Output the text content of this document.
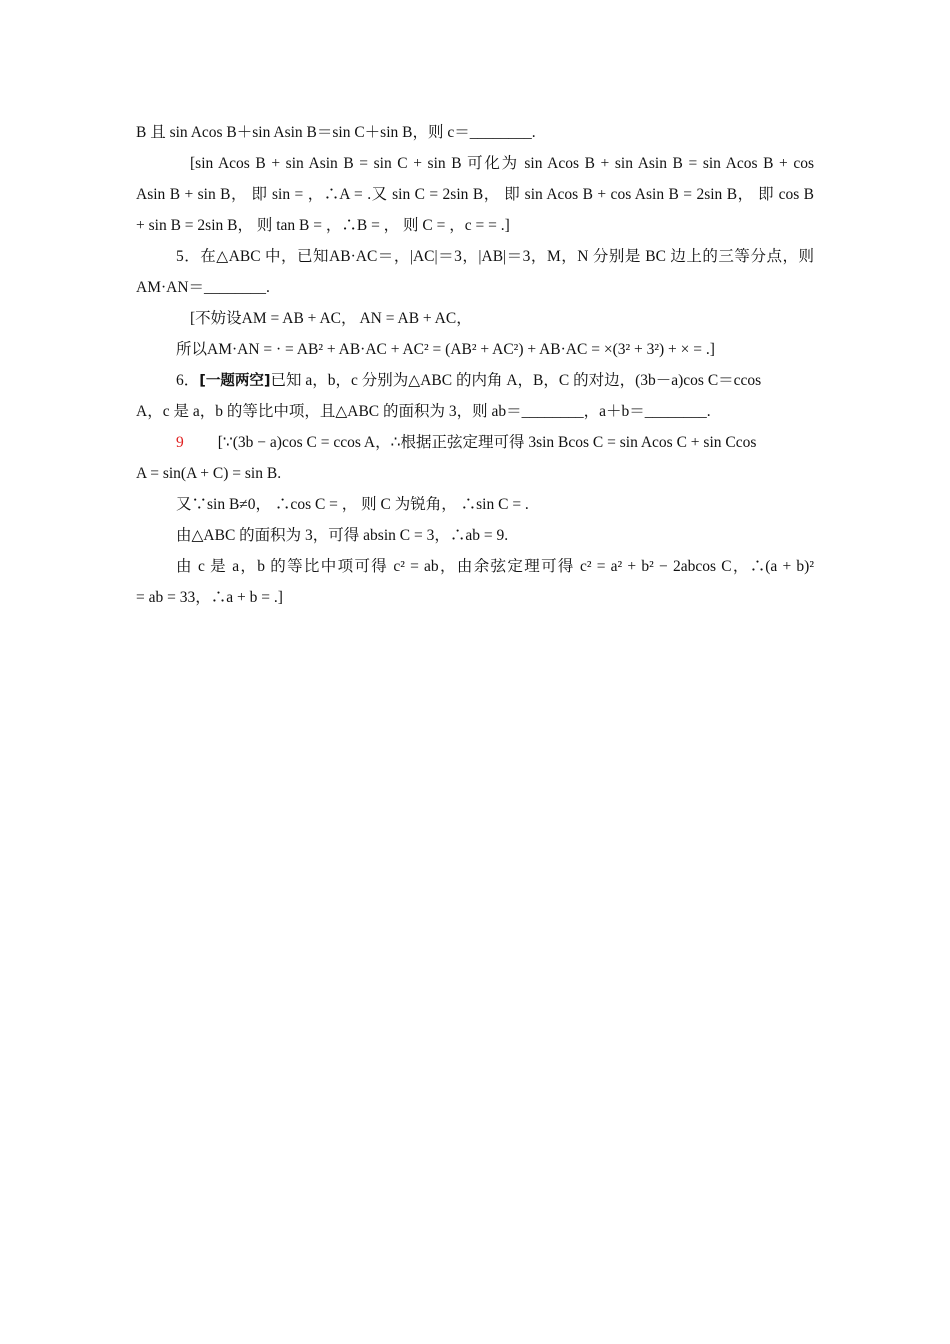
B 且 sin Acos B＋sin Asin B＝sin C＋sin B，则 c＝________.
[sin Acos B + sin Asin B = sin C + sin B 可化为 sin Acos B + sin Asin B = sin Acos B + cos
Asin B + sin B， 即 sin = ，∴A = .又 sin C = 2sin B， 即 sin Acos B + cos Asin B = 2sin B， 即 cos B
+ sin B = 2sin B， 则 tan B = ，∴B = ， 则 C = ，c = = .]
5．在△ABC 中，已知AB·AC＝，|AC|＝3，|AB|＝3，M，N 分别是 BC 边上的三等分点，则
AM·AN＝________.
[不妨设AM = AB + AC， AN = AB + AC，
所以AM·AN = · = AB² + AB·AC + AC² = (AB² + AC²) + AB·AC = ×(3² + 3²) + × = .]
6．[一题两空]已知 a，b，c 分别为△ABC 的内角 A，B，C 的对边，(3b－a)cos C＝ccos
A，c 是 a，b 的等比中项，且△ABC 的面积为 3，则 ab＝________，a＋b＝________.
9 [∵(3b − a)cos C = ccos A，∴根据正弦定理可得 3sin Bcos C = sin Acos C + sin Ccos
A = sin(A + C) = sin B.
又∵sin B≠0， ∴cos C = ， 则 C 为锐角， ∴sin C = .
由△ABC 的面积为 3，可得 absin C = 3，∴ab = 9.
由 c 是 a，b 的等比中项可得 c² = ab，由余弦定理可得 c² = a² + b² − 2abcos C，∴(a + b)²
= ab = 33，∴a + b = .]
